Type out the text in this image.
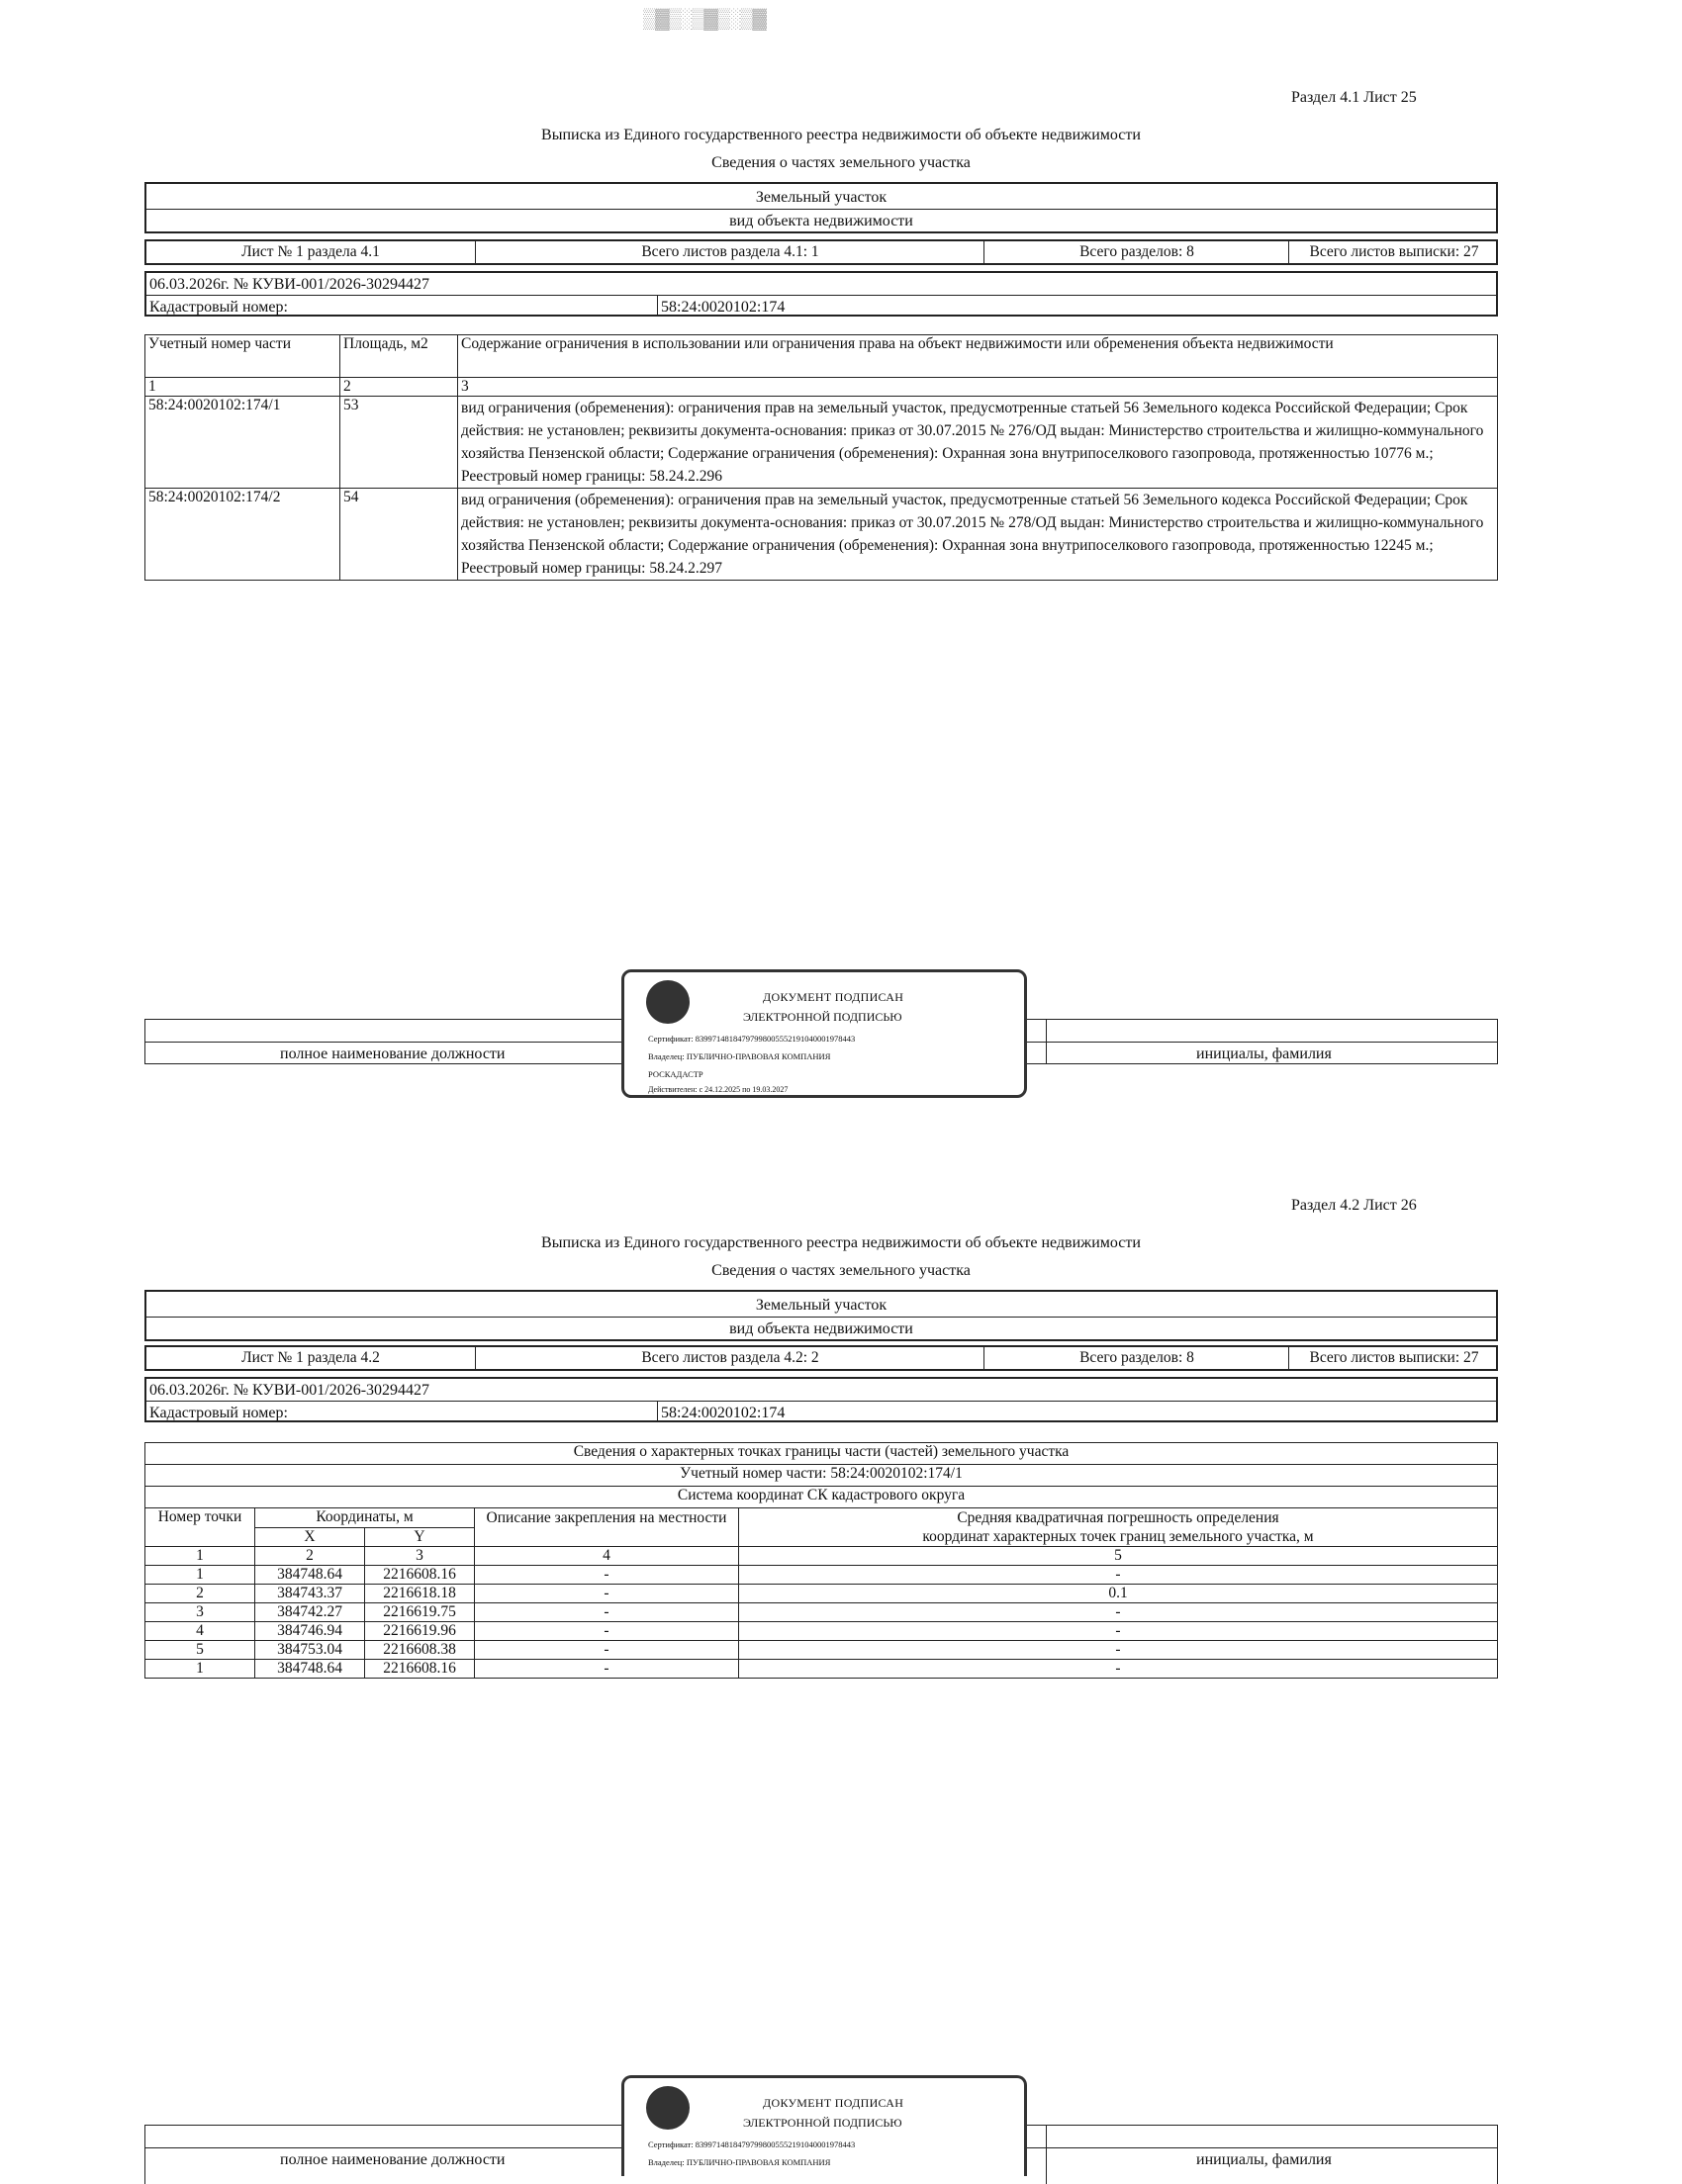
▒▓▒░▒▓▒░▒▓
Раздел 4.1 Лист 25
Выписка из Единого государственного реестра недвижимости об объекте недвижимости
Сведения о частях земельного участка
Земельный участок
вид объекта недвижимости
Лист № 1 раздела 4.1	Всего листов раздела 4.1: 1	Всего разделов: 8	Всего листов выписки: 27
06.03.2026г. № КУВИ-001/2026-30294427
Кадастровый номер:	58:24:0020102:174
Учетный номер части	Площадь, м2	Содержание ограничения в использовании или ограничения права на объект недвижимости или обременения объекта недвижимости
1	2	3
58:24:0020102:174/1	53	вид ограничения (обременения): ограничения прав на земельный участок, предусмотренные статьей 56 Земельного кодекса Российской Федерации; Срок действия: не установлен; реквизиты документа-основания: приказ от 30.07.2015 № 276/ОД выдан: Министерство строительства и жилищно-коммунального хозяйства Пензенской области; Содержание ограничения (обременения): Охранная зона внутрипоселкового газопровода, протяженностью 10776 м.; Реестровый номер границы: 58.24.2.296
58:24:0020102:174/2	54	вид ограничения (обременения): ограничения прав на земельный участок, предусмотренные статьей 56 Земельного кодекса Российской Федерации; Срок действия: не установлен; реквизиты документа-основания: приказ от 30.07.2015 № 278/ОД выдан: Министерство строительства и жилищно-коммунального хозяйства Пензенской области; Содержание ограничения (обременения): Охранная зона внутрипоселкового газопровода, протяженностью 12245 м.; Реестровый номер границы: 58.24.2.297
полное наименование должности	инициалы, фамилия
ДОКУМЕНТ ПОДПИСАН
ЭЛЕКТРОННОЙ ПОДПИСЬЮ
Сертификат: 83997148184797998005552191040001978443
Владелец: ПУБЛИЧНО-ПРАВОВАЯ КОМПАНИЯ
РОСКАДАСТР
Действителен: с 24.12.2025 по 19.03.2027
Раздел 4.2 Лист 26
Выписка из Единого государственного реестра недвижимости об объекте недвижимости
Сведения о частях земельного участка
Земельный участок
вид объекта недвижимости
Лист № 1 раздела 4.2	Всего листов раздела 4.2: 2	Всего разделов: 8	Всего листов выписки: 27
06.03.2026г. № КУВИ-001/2026-30294427
Кадастровый номер:	58:24:0020102:174
Сведения о характерных точках границы части (частей) земельного участка				
Учетный номер части: 58:24:0020102:174/1				
Система координат СК кадастрового округа				
Номер точки	Координаты, м		Описание закрепления на местности	Средняя квадратичная погрешность определения
координат характерных точек границ земельного участка, м

	X	Y		
1	2	3	4	5
1	384748.64	2216608.16	-	-
2	384743.37	2216618.18	-	0.1
3	384742.27	2216619.75	-	-
4	384746.94	2216619.96	-	-
5	384753.04	2216608.38	-	-
1	384748.64	2216608.16	-	-
полное наименование должности	инициалы, фамилия
ДОКУМЕНТ ПОДПИСАН
ЭЛЕКТРОННОЙ ПОДПИСЬЮ
Сертификат: 83997148184797998005552191040001978443
Владелец: ПУБЛИЧНО-ПРАВОВАЯ КОМПАНИЯ
